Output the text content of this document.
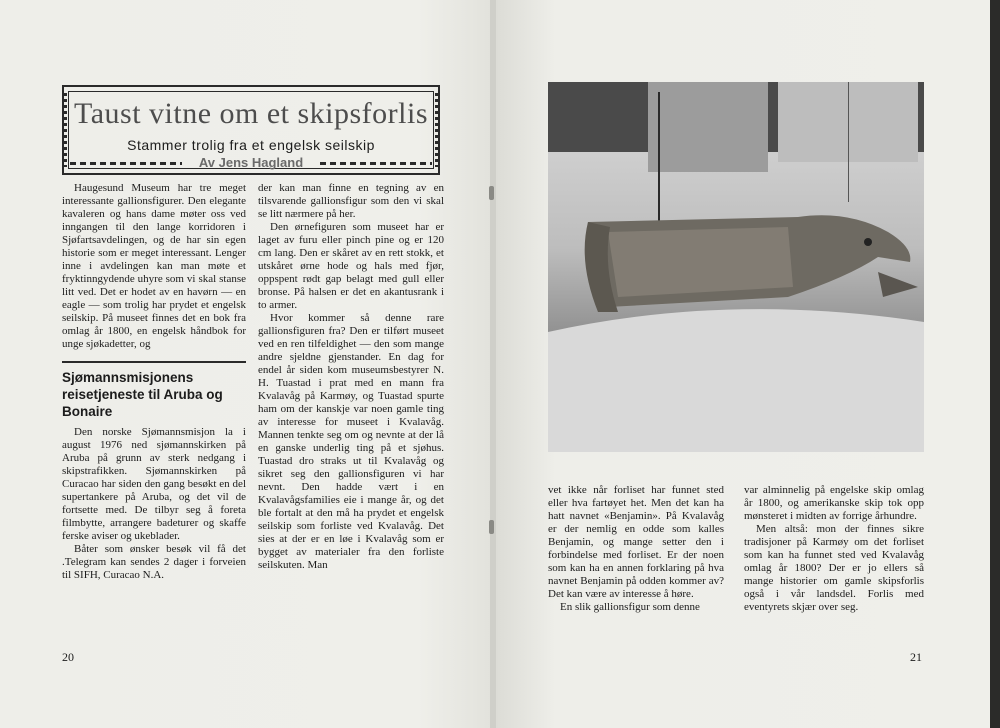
Taust vitne om et skipsforlis
Stammer trolig fra et engelsk seilskip
Av Jens Hagland

Haugesund Museum har tre meget interessante gallionsfigurer. Den elegante kavaleren og hans dame møter oss ved inngangen til den lange korridoren i Sjøfartsavdelingen, og de har sin egen historie som er meget interessant. Lenger inne i avdelingen kan man møte et fryktinngydende uhyre som vi skal stanse litt ved. Det er hodet av en havørn — en eagle — som trolig har prydet et engelsk seilskip. På museet finnes det en bok fra omlag år 1800, en engelsk håndbok for unge sjøkadetter, og

Sjømannsmisjonens reisetjeneste til Aruba og Bonaire

Den norske Sjømannsmisjon la i august 1976 ned sjømannskirken på Aruba på grunn av sterk nedgang i skipstrafikken. Sjømannskirken på Curacao har siden den gang besøkt en del supertankere på Aruba, og det vil de fortsette med. De tilbyr seg å foreta filmbytte, arrangere badeturer og skaffe ferske aviser og ukeblader.

Båter som ønsker besøk vil få det .Telegram kan sendes 2 dager i forveien til SIFH, Curacao N.A.

der kan man finne en tegning av en tilsvarende gallionsfigur som den vi skal se litt nærmere på her.

Den ørnefiguren som museet har er laget av furu eller pinch pine og er 120 cm lang. Den er skåret av en rett stokk, et utskåret ørne hode og hals med fjør, oppspent rødt gap belagt med gull eller bronse. På halsen er det en akantusrank i to armer.

Hvor kommer så denne rare gallionsfiguren fra? Den er tilført museet ved en ren tilfeldighet — den som mange andre sjeldne gjenstander. En dag for endel år siden kom museumsbestyrer N. H. Tuastad i prat med en mann fra Kvalavåg på Karmøy, og Tuastad spurte ham om der kanskje var noen gamle ting av interesse for museet i Kvalavåg. Mannen tenkte seg om og nevnte at der lå en ganske underlig ting på et sjøhus. Tuastad dro straks ut til Kvalavåg og sikret seg den gallionsfiguren vi har nevnt. Den hadde vært i en Kvalavågsfamilies eie i mange år, og det ble fortalt at den må ha prydet et engelsk seilskip som forliste ved Kvalavåg. Det sies at der er en løe i Kvalavåg som er bygget av materialer fra den forliste seilskuten. Man

20

vet ikke når forliset har funnet sted eller hva fartøyet het. Men det kan ha hatt navnet «Benjamin». På Kvalavåg er der nemlig en odde som kalles Benjamin, og mange setter den i forbindelse med forliset. Er der noen som kan ha en annen forklaring på hva navnet Benjamin på odden kommer av? Det kan være av interesse å høre.

En slik gallionsfigur som denne

var alminnelig på engelske skip omlag år 1800, og amerikanske skip tok opp mønsteret i midten av forrige århundre.

Men altså: mon der finnes sikre tradisjoner på Karmøy om det forliset som kan ha funnet sted ved Kvalavåg omlag år 1800? Der er jo ellers så mange historier om gamle skipsforlis også i vår landsdel. Forlis med eventyrets skjær over seg.

21
